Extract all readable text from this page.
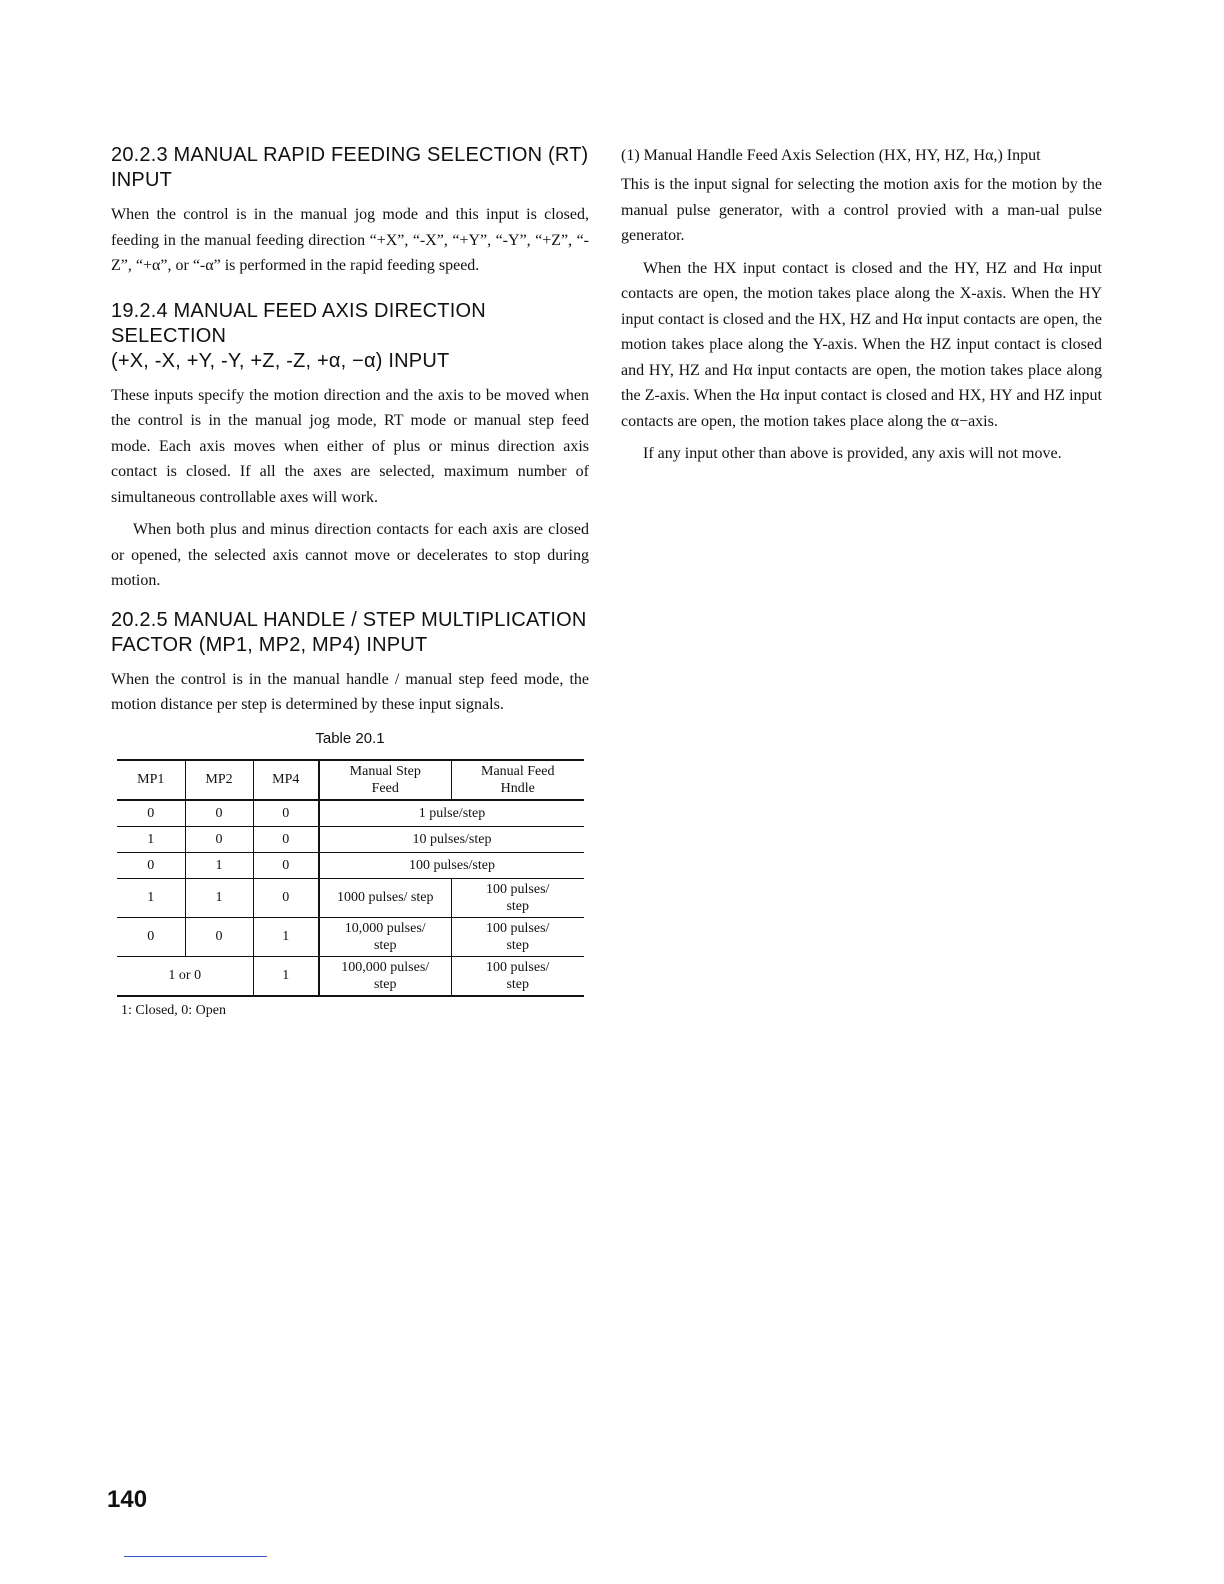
20.2.3 MANUAL RAPID FEEDING SELECTION (RT)
INPUT

When the control is in the manual jog mode and this input is closed, feeding in the manual feeding direction “+X”, “-X”, “+Y”, “-Y”, “+Z”, “-Z”, “+α”, or “-α” is performed in the rapid feeding speed.

19.2.4 MANUAL FEED AXIS DIRECTION SELECTION
(+X, -X, +Y, -Y, +Z, -Z, +α, −α) INPUT

These inputs specify the motion direction and the axis to be moved when the control is in the manual jog mode, RT mode or manual step feed mode. Each axis moves when either of plus or minus direction axis contact is closed. If all the axes are selected, maximum number of simultaneous controllable axes will work.

When both plus and minus direction contacts for each axis are closed or opened, the selected axis cannot move or decelerates to stop during motion.

20.2.5 MANUAL HANDLE / STEP MULTIPLICATION
FACTOR (MP1, MP2, MP4) INPUT

When the control is in the manual handle / manual step feed mode, the motion distance per step is determined by these input signals.

Table 20.1
MP1	MP2	MP4	Manual Step Feed	Manual Feed Hndle
0	0	0	1 pulse/step	
1	0	0	10 pulses/step	
0	1	0	100 pulses/step	
1	1	0	1000 pulses/ step	100 pulses/ step
0	0	1	10,000 pulses/ step	100 pulses/ step
1 or 0		1	100,000 pulses/ step	100 pulses/ step
1: Closed, 0: Open
(1) Manual Handle Feed Axis Selection (HX, HY, HZ, Hα,) Input

This is the input signal for selecting the motion axis for the motion by the manual pulse generator, with a control provied with a man-ual pulse generator.

When the HX input contact is closed and the HY, HZ and Hα input contacts are open, the motion takes place along the X-axis. When the HY input contact is closed and the HX, HZ and Hα input contacts are open, the motion takes place along the Y-axis. When the HZ input contact is closed and HY, HZ and Hα input contacts are open, the motion takes place along the Z-axis. When the Hα input contact is closed and HX, HY and HZ input contacts are open, the motion takes place along the α−axis.

If any input other than above is provided, any axis will not move.

140
